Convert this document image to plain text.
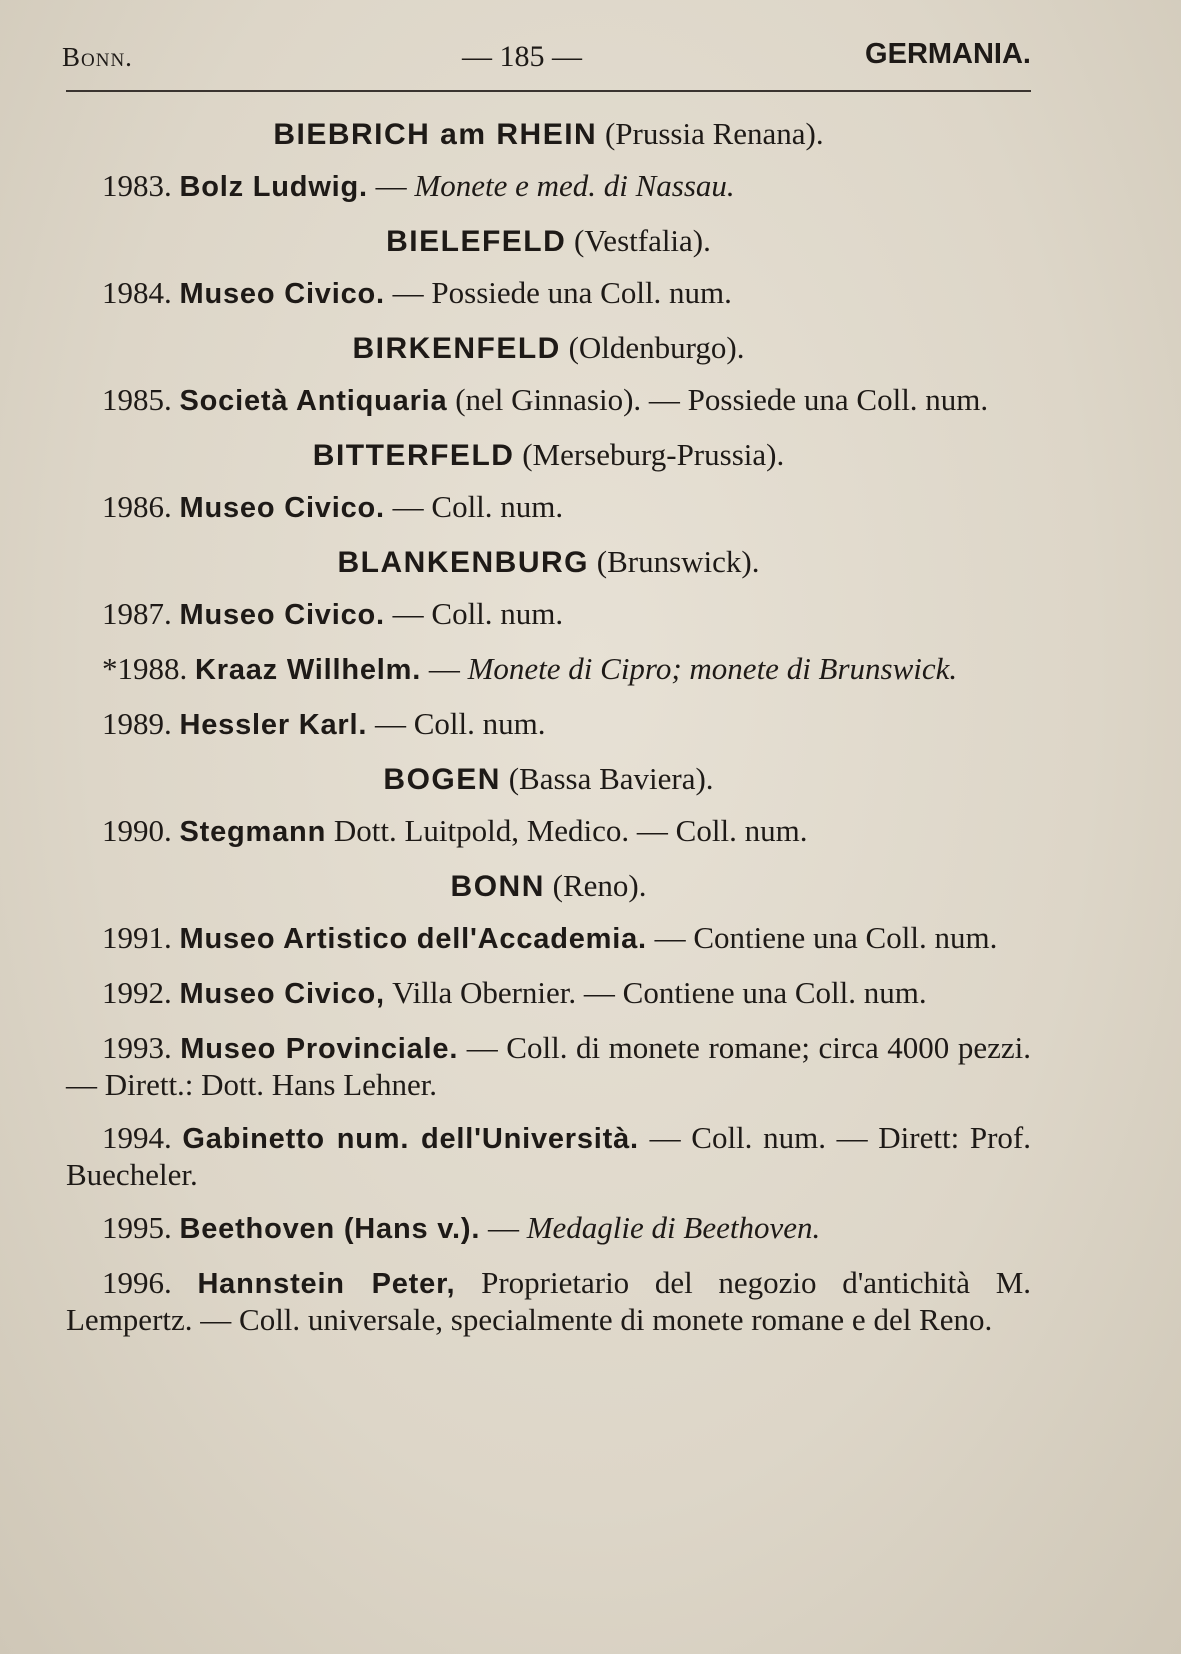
Bonn.	— 185 —	GERMANIA.
BIEBRICH am RHEIN (Prussia Renana).
1983. Bolz Ludwig. — Monete e med. di Nassau.
BIELEFELD (Vestfalia).
1984. Museo Civico. — Possiede una Coll. num.
BIRKENFELD (Oldenburgo).
1985. Società Antiquaria (nel Ginnasio). — Possiede una Coll. num.
BITTERFELD (Merseburg-Prussia).
1986. Museo Civico. — Coll. num.
BLANKENBURG (Brunswick).
1987. Museo Civico. — Coll. num.
*1988. Kraaz Willhelm. — Monete di Cipro; monete di Brunswick.
1989. Hessler Karl. — Coll. num.
BOGEN (Bassa Baviera).
1990. Stegmann Dott. Luitpold, Medico. — Coll. num.
BONN (Reno).
1991. Museo Artistico dell'Accademia. — Contiene una Coll. num.
1992. Museo Civico, Villa Obernier. — Contiene una Coll. num.
1993. Museo Provinciale. — Coll. di monete romane; circa 4000 pezzi. — Dirett.: Dott. Hans Lehner.
1994. Gabinetto num. dell'Università. — Coll. num. — Dirett: Prof. Buecheler.
1995. Beethoven (Hans v.). — Medaglie di Beethoven.
1996. Hannstein Peter, Proprietario del negozio d'antichità M. Lempertz. — Coll. universale, specialmente di monete romane e del Reno.
